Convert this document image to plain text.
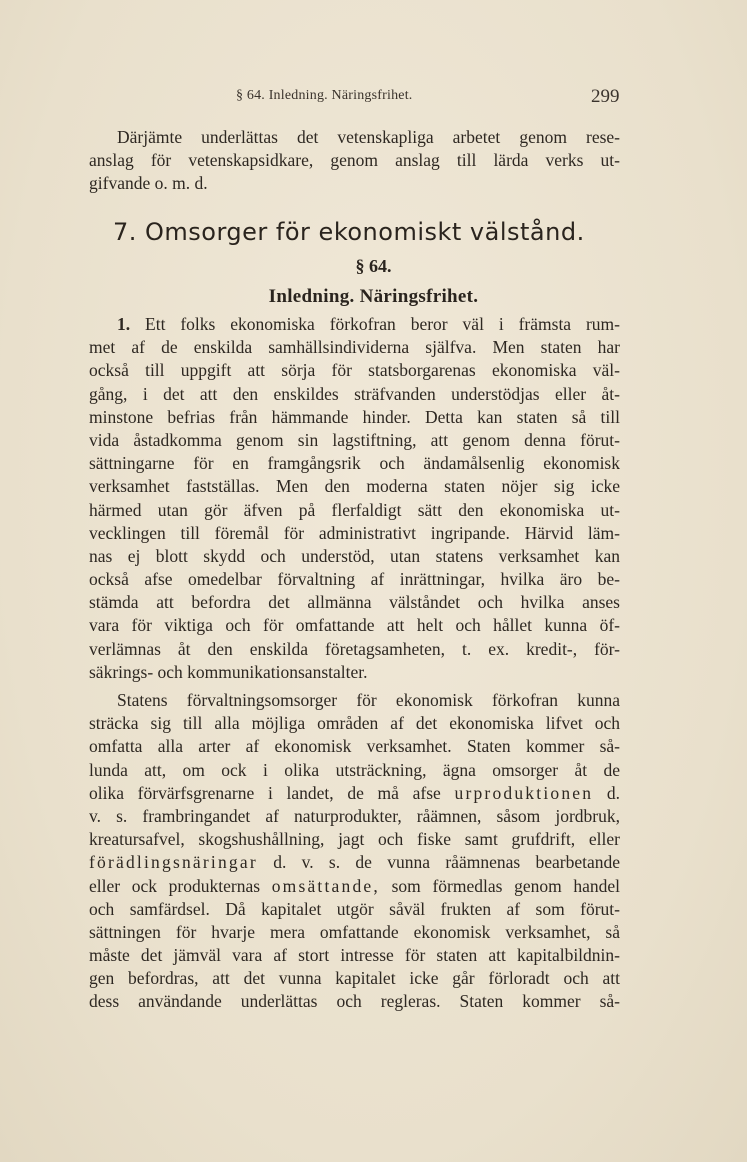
§ 64. Inledning. Näringsfrihet.	299
Därjämte underlättas det vetenskapliga arbetet genom rese-
anslag för vetenskapsidkare, genom anslag till lärda verks ut-
gifvande o. m. d.
7. Omsorger för ekonomiskt välstånd.
§ 64.
Inledning. Näringsfrihet.
1. Ett folks ekonomiska förkofran beror väl i främsta rum-
met af de enskilda samhällsindividerna själfva. Men staten har
också till uppgift att sörja för statsborgarenas ekonomiska väl-
gång, i det att den enskildes sträfvanden understödjas eller åt-
minstone befrias från hämmande hinder. Detta kan staten så till
vida åstadkomma genom sin lagstiftning, att genom denna förut-
sättningarne för en framgångsrik och ändamålsenlig ekonomisk
verksamhet fastställas. Men den moderna staten nöjer sig icke
härmed utan gör äfven på flerfaldigt sätt den ekonomiska ut-
vecklingen till föremål för administrativt ingripande. Härvid läm-
nas ej blott skydd och understöd, utan statens verksamhet kan
också afse omedelbar förvaltning af inrättningar, hvilka äro be-
stämda att befordra det allmänna välståndet och hvilka anses
vara för viktiga och för omfattande att helt och hållet kunna öf-
verlämnas åt den enskilda företagsamheten, t. ex. kredit-, för-
säkrings- och kommunikationsanstalter.
Statens förvaltningsomsorger för ekonomisk förkofran kunna
sträcka sig till alla möjliga områden af det ekonomiska lifvet och
omfatta alla arter af ekonomisk verksamhet. Staten kommer så-
lunda att, om ock i olika utsträckning, ägna omsorger åt de
olika förvärfsgrenarne i landet, de må afse urproduktionen d.
v. s. frambringandet af naturprodukter, råämnen, såsom jordbruk,
kreatursafvel, skogshushållning, jagt och fiske samt grufdrift, eller
förädlingsnäringar d. v. s. de vunna råämnenas bearbetande
eller ock produkternas omsättande, som förmedlas genom handel
och samfärdsel. Då kapitalet utgör såväl frukten af som förut-
sättningen för hvarje mera omfattande ekonomisk verksamhet, så
måste det jämväl vara af stort intresse för staten att kapitalbildnin-
gen befordras, att det vunna kapitalet icke går förloradt och att
dess användande underlättas och regleras. Staten kommer så-
